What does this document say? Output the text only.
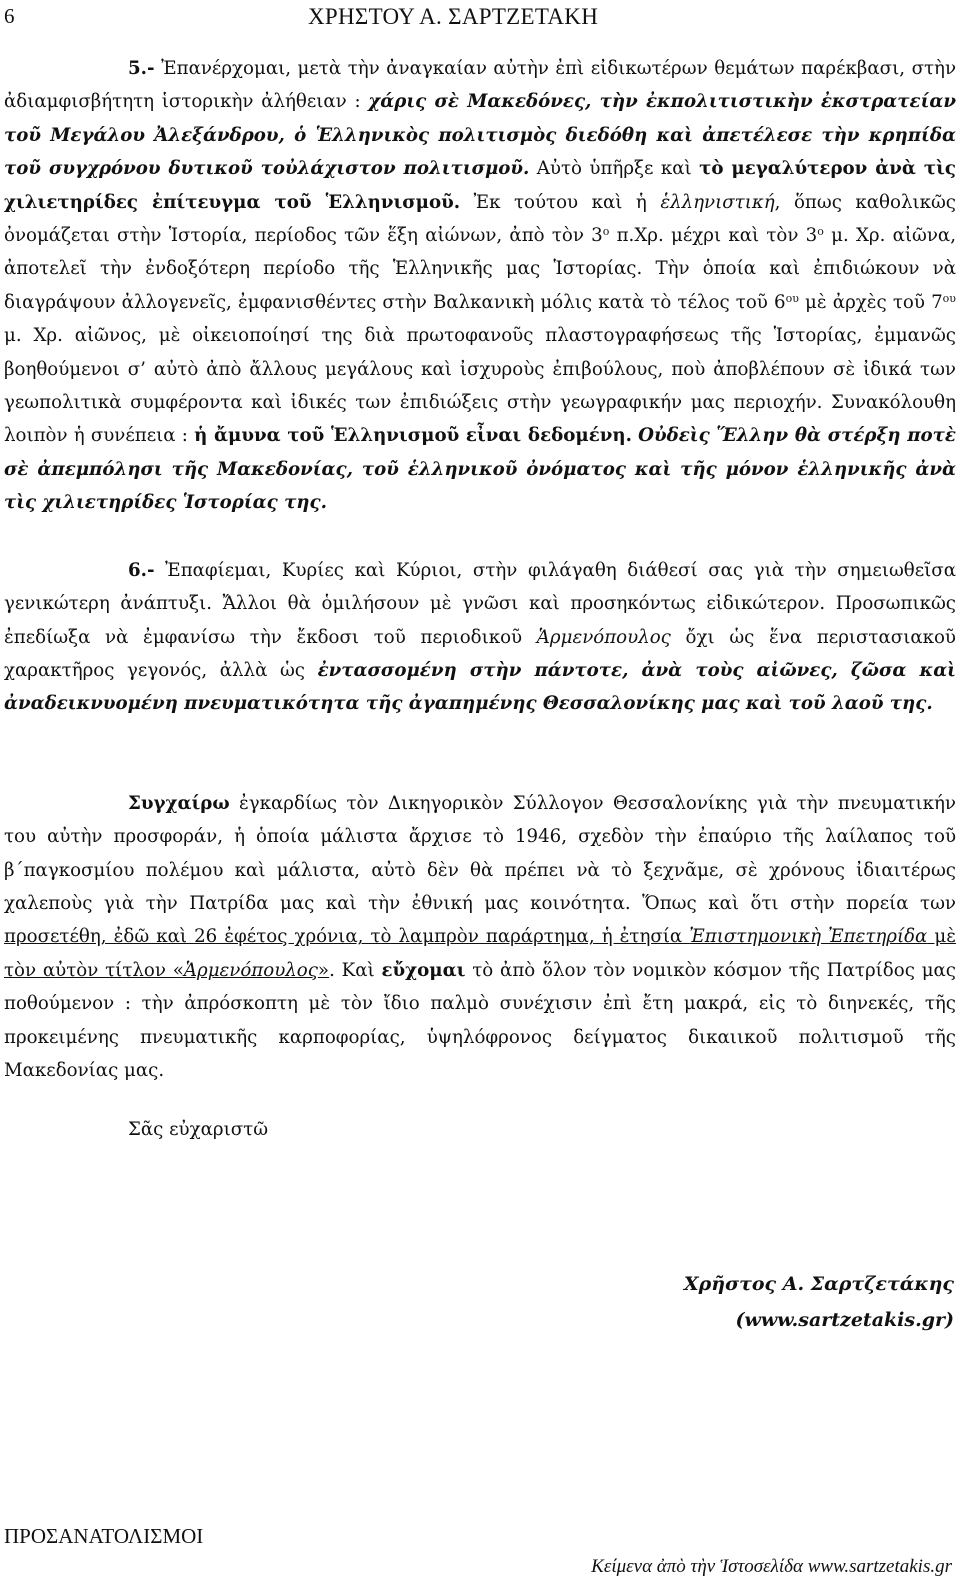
6	ΧΡΗΣΤΟΥ Α. ΣΑΡΤΖΕΤΑΚΗ

5.- Ἐπανέρχομαι, μετὰ τὴν ἀναγκαίαν αὐτὴν ἐπὶ εἰδικωτέρων θεμάτων παρέκβασι, στὴν ἀδιαμφισβήτητη ἱστορικὴν ἀλήθειαν : χάρις σὲ Μακεδόνες, τὴν ἐκπολιτιστικὴν ἐκστρατείαν τοῦ Μεγάλου Ἀλεξάνδρου, ὁ Ἑλληνικὸς πολιτισμὸς διεδόθη καὶ ἀπετέλεσε τὴν κρηπίδα τοῦ συγχρόνου δυτικοῦ τοὐλάχιστον πολιτισμοῦ. Αὐτὸ ὑπῆρξε καὶ τὸ μεγαλύτερον ἀνὰ τὶς χιλιετηρίδες ἐπίτευγμα τοῦ Ἑλληνισμοῦ. Ἐκ τούτου καὶ ἡ ἑλληνιστική, ὅπως καθολικῶς ὀνομάζεται στὴν Ἱστορία, περίοδος τῶν ἕξη αἰώνων, ἀπὸ τὸν $3^o$ π.Χρ. μέχρι καὶ τὸν $3^o$ μ. Χρ. αἰῶνα, ἀποτελεῖ τὴν ἐνδοξότερη περίοδο τῆς Ἑλληνικῆς μας Ἱστορίας. Τὴν ὁποία καὶ ἐπιδιώκουν νὰ διαγράψουν ἀλλογενεῖς, ἐμφανισθέντες στὴν Βαλκανικὴ μόλις κατὰ τὸ τέλος τοῦ $6^{o\upsilon}$ μὲ ἀρχὲς τοῦ $7^{o\upsilon}$ μ. Χρ. αἰῶνος, μὲ οἰκειοποίησί της διὰ πρωτοφανοῦς πλαστογραφήσεως τῆς Ἱστορίας, ἐμμανῶς βοηθούμενοι σ’ αὐτὸ ἀπὸ ἄλλους μεγάλους καὶ ἰσχυροὺς ἐπιβούλους, ποὺ ἀποβλέπουν σὲ ἰδικά των γεωπολιτικὰ συμφέροντα καὶ ἰδικές των ἐπιδιώξεις στὴν γεωγραφικήν μας περιοχήν. Συνακόλουθη λοιπὸν ἡ συνέπεια : ἡ ἄμυνα τοῦ Ἑλληνισμοῦ εἶναι δεδομένη. Οὐδεὶς Ἕλλην θὰ στέρξη ποτὲ σὲ ἀπεμπόλησι τῆς Μακεδονίας, τοῦ ἑλληνικοῦ ὀνόματος καὶ τῆς μόνον ἑλληνικῆς ἀνὰ τὶς χιλιετηρίδες Ἱστορίας της.

6.- Ἐπαφίεμαι, Κυρίες καὶ Κύριοι, στὴν φιλάγαθη διάθεσί σας γιὰ τὴν σημειωθεῖσα γενικώτερη ἀνάπτυξι. Ἄλλοι θὰ ὁμιλήσουν μὲ γνῶσι καὶ προσηκόντως εἰδικώτερον. Προσωπικῶς ἐπεδίωξα νὰ ἐμφανίσω τὴν ἔκδοσι τοῦ περιοδικοῦ Ἁρμενόπουλος ὄχι ὡς ἕνα περιστασιακοῦ χαρακτῆρος γεγονός, ἀλλὰ ὡς ἐντασσομένη στὴν πάντοτε, ἀνὰ τοὺς αἰῶνες, ζῶσα καὶ ἀναδεικνυομένη πνευματικότητα τῆς ἀγαπημένης Θεσσαλονίκης μας καὶ τοῦ λαοῦ της.

Συγχαίρω ἐγκαρδίως τὸν Δικηγορικὸν Σύλλογον Θεσσαλονίκης γιὰ τὴν πνευματικήν του αὐτὴν προσφοράν, ἡ ὁποία μάλιστα ἄρχισε τὸ 1946, σχεδὸν τὴν ἐπαύριο τῆς λαίλαπος τοῦ β΄παγκοσμίου πολέμου καὶ μάλιστα, αὐτὸ δὲν θὰ πρέπει νὰ τὸ ξεχνᾶμε, σὲ χρόνους ἰδιαιτέρως χαλεποὺς γιὰ τὴν Πατρίδα μας καὶ τὴν ἐθνική μας κοινότητα. Ὅπως καὶ ὅτι στὴν πορεία των προσετέθη, ἐδῶ καὶ 26 ἐφέτος χρόνια, τὸ λαμπρὸν παράρτημα, ἡ ἐτησία Ἐπιστημονικὴ Ἐπετηρίδα μὲ τὸν αὐτὸν τίτλον «Ἁρμενόπουλος». Καὶ εὔχομαι τὸ ἀπὸ ὅλον τὸν νομικὸν κόσμον τῆς Πατρίδος μας ποθούμενον : τὴν ἀπρόσκοπτη μὲ τὸν ἴδιο παλμὸ συνέχισιν ἐπὶ ἔτη μακρά, εἰς τὸ διηνεκές, τῆς προκειμένης πνευματικῆς καρποφορίας, ὑψηλόφρονος δείγματος δικαιικοῦ πολιτισμοῦ τῆς Μακεδονίας μας.

Σᾶς εὐχαριστῶ
Χρῆστος Α. Σαρτζετάκης
(www.sartzetakis.gr)
ΠΡΟΣΑΝΑΤΟΛΙΣΜΟΙ
Κείμενα ἀπὸ τὴν Ἱστοσελίδα www.sartzetakis.gr
